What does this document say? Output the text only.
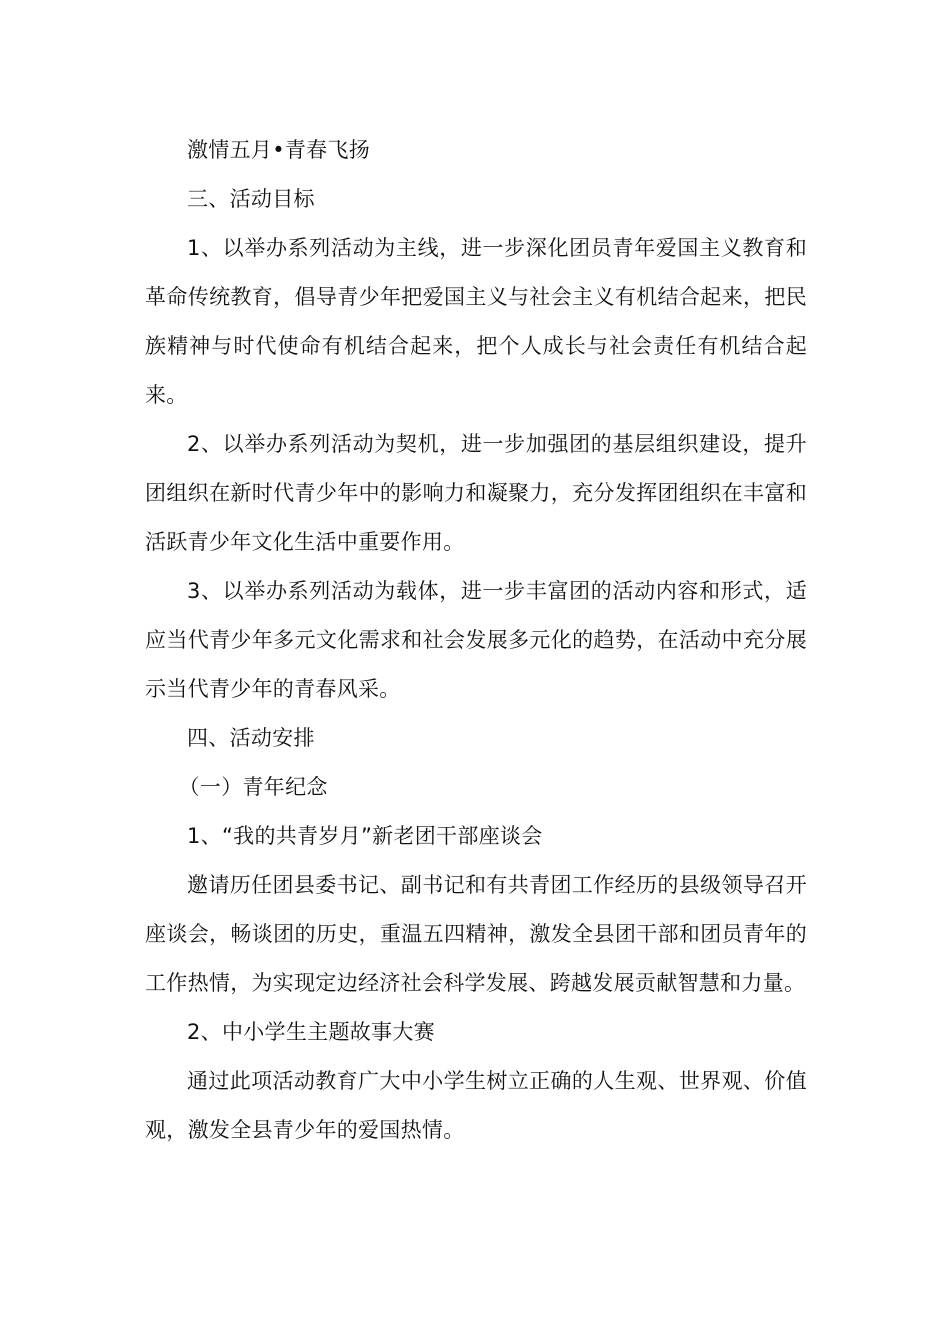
激情五月•青春飞扬

三、活动目标

1、以举办系列活动为主线，进一步深化团员青年爱国主义教育和革命传统教育，倡导青少年把爱国主义与社会主义有机结合起来，把民族精神与时代使命有机结合起来，把个人成长与社会责任有机结合起来。

2、以举办系列活动为契机，进一步加强团的基层组织建设，提升团组织在新时代青少年中的影响力和凝聚力，充分发挥团组织在丰富和活跃青少年文化生活中重要作用。

3、以举办系列活动为载体，进一步丰富团的活动内容和形式，适应当代青少年多元文化需求和社会发展多元化的趋势，在活动中充分展示当代青少年的青春风采。

四、活动安排

（一）青年纪念

1、“我的共青岁月”新老团干部座谈会

邀请历任团县委书记、副书记和有共青团工作经历的县级领导召开座谈会，畅谈团的历史，重温五四精神，激发全县团干部和团员青年的工作热情，为实现定边经济社会科学发展、跨越发展贡献智慧和力量。

2、中小学生主题故事大赛

通过此项活动教育广大中小学生树立正确的人生观、世界观、价值观，激发全县青少年的爱国热情。
